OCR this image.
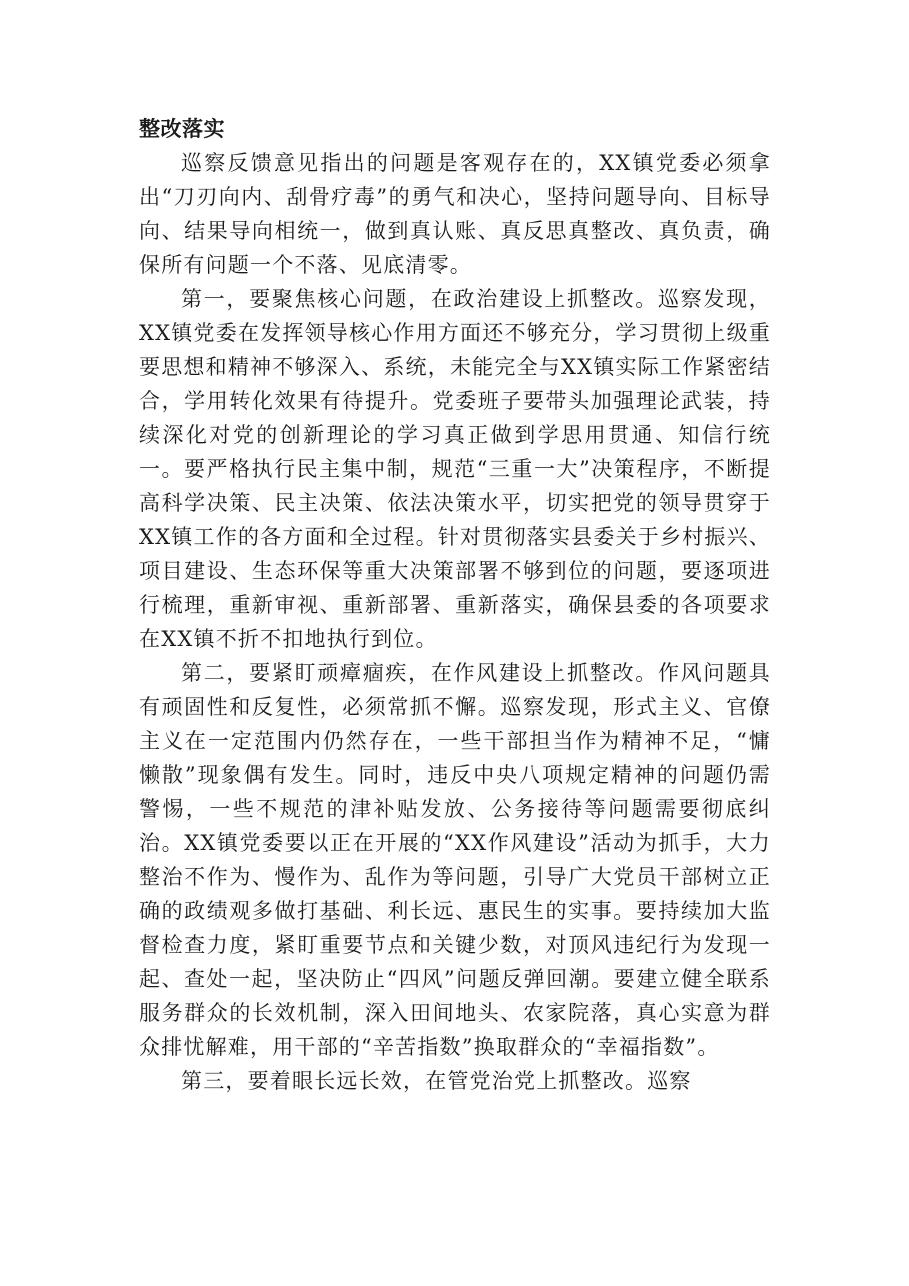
整改落实

巡察反馈意见指出的问题是客观存在的，XX镇党委必须拿出“刀刃向内、刮骨疗毒”的勇气和决心，坚持问题导向、目标导向、结果导向相统一，做到真认账、真反思真整改、真负责，确保所有问题一个不落、见底清零。

第一，要聚焦核心问题，在政治建设上抓整改。巡察发现，XX镇党委在发挥领导核心作用方面还不够充分，学习贯彻上级重要思想和精神不够深入、系统，未能完全与XX镇实际工作紧密结合，学用转化效果有待提升。党委班子要带头加强理论武装，持续深化对党的创新理论的学习真正做到学思用贯通、知信行统一。要严格执行民主集中制，规范“三重一大”决策程序，不断提高科学决策、民主决策、依法决策水平，切实把党的领导贯穿于XX镇工作的各方面和全过程。针对贯彻落实县委关于乡村振兴、项目建设、生态环保等重大决策部署不够到位的问题，要逐项进行梳理，重新审视、重新部署、重新落实，确保县委的各项要求在XX镇不折不扣地执行到位。

第二，要紧盯顽瘴痼疾，在作风建设上抓整改。作风问题具有顽固性和反复性，必须常抓不懈。巡察发现，形式主义、官僚主义在一定范围内仍然存在，一些干部担当作为精神不足，“慵懒散”现象偶有发生。同时，违反中央八项规定精神的问题仍需警惕，一些不规范的津补贴发放、公务接待等问题需要彻底纠治。XX镇党委要以正在开展的“XX作风建设”活动为抓手，大力整治不作为、慢作为、乱作为等问题，引导广大党员干部树立正确的政绩观多做打基础、利长远、惠民生的实事。要持续加大监督检查力度，紧盯重要节点和关键少数，对顶风违纪行为发现一起、查处一起，坚决防止“四风”问题反弹回潮。要建立健全联系服务群众的长效机制，深入田间地头、农家院落，真心实意为群众排忧解难，用干部的“辛苦指数”换取群众的“幸福指数”。

第三，要着眼长远长效，在管党治党上抓整改。巡察
